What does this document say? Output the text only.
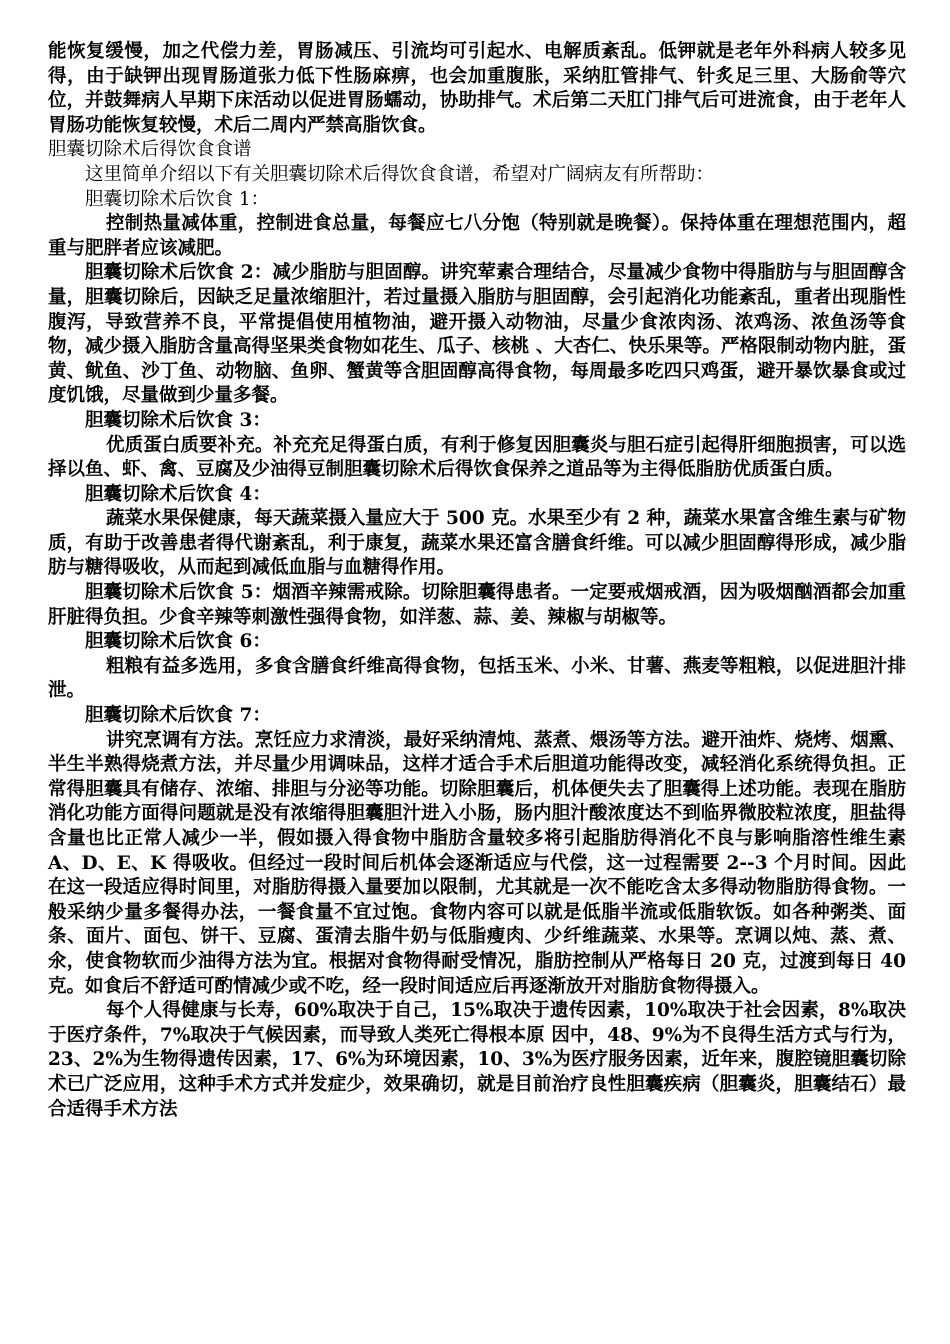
能恢复缓慢，加之代偿力差，胃肠减压、引流均可引起水、电解质紊乱。低钾就是老年外科病人较多见得，由于缺钾出现胃肠道张力低下性肠麻痹，也会加重腹胀，采纳肛管排气、针炙足三里、大肠俞等穴位，并鼓舞病人早期下床活动以促进胃肠蠕动，协助排气。术后第二天肛门排气后可进流食，由于老年人胃肠功能恢复较慢，术后二周内严禁高脂饮食。

胆囊切除术后得饮食食谱

这里简单介绍以下有关胆囊切除术后得饮食食谱，希望对广阔病友有所帮助：

胆囊切除术后饮食 1：

控制热量减体重，控制进食总量，每餐应七八分饱（特别就是晚餐）。保持体重在理想范围内，超重与肥胖者应该减肥。

胆囊切除术后饮食 2：减少脂肪与胆固醇。讲究荤素合理结合，尽量减少食物中得脂肪与与胆固醇含量，胆囊切除后，因缺乏足量浓缩胆汁，若过量摄入脂肪与胆固醇，会引起消化功能紊乱，重者出现脂性腹泻，导致营养不良，平常提倡使用植物油，避开摄入动物油，尽量少食浓肉汤、浓鸡汤、浓鱼汤等食物，减少摄入脂肪含量高得坚果类食物如花生、瓜子、核桃 、大杏仁、快乐果等。严格限制动物内脏，蛋黄、鱿鱼、沙丁鱼、动物脑、鱼卵、蟹黄等含胆固醇高得食物，每周最多吃四只鸡蛋，避开暴饮暴食或过度饥饿，尽量做到少量多餐。

胆囊切除术后饮食 3：

优质蛋白质要补充。补充充足得蛋白质，有利于修复因胆囊炎与胆石症引起得肝细胞损害，可以选择以鱼、虾、禽、豆腐及少油得豆制胆囊切除术后得饮食保养之道品等为主得低脂肪优质蛋白质。

胆囊切除术后饮食 4：

蔬菜水果保健康，每天蔬菜摄入量应大于 500 克。水果至少有 2 种，蔬菜水果富含维生素与矿物质，有助于改善患者得代谢紊乱，利于康复，蔬菜水果还富含膳食纤维。可以减少胆固醇得形成，减少脂肪与糖得吸收，从而起到减低血脂与血糖得作用。

胆囊切除术后饮食 5：烟酒辛辣需戒除。切除胆囊得患者。一定要戒烟戒酒，因为吸烟酗酒都会加重肝脏得负担。少食辛辣等刺激性强得食物，如洋葱、蒜、姜、辣椒与胡椒等。

胆囊切除术后饮食 6：

粗粮有益多选用，多食含膳食纤维高得食物，包括玉米、小米、甘薯、燕麦等粗粮，以促进胆汁排泄。

胆囊切除术后饮食 7：

讲究烹调有方法。烹饪应力求清淡，最好采纳清炖、蒸煮、煨汤等方法。避开油炸、烧烤、烟熏、半生半熟得烧煮方法，并尽量少用调味品，这样才适合手术后胆道功能得改变，减轻消化系统得负担。正常得胆囊具有储存、浓缩、排胆与分泌等功能。切除胆囊后，机体便失去了胆囊得上述功能。表现在脂肪消化功能方面得问题就是没有浓缩得胆囊胆汁进入小肠，肠内胆汁酸浓度达不到临界微胶粒浓度，胆盐得含量也比正常人减少一半，假如摄入得食物中脂肪含量较多将引起脂肪得消化不良与影响脂溶性维生素 A、D、E、K 得吸收。但经过一段时间后机体会逐渐适应与代偿，这一过程需要 2--3 个月时间。因此在这一段适应得时间里，对脂肪得摄入量要加以限制，尤其就是一次不能吃含太多得动物脂肪得食物。一般采纳少量多餐得办法，一餐食量不宜过饱。食物内容可以就是低脂半流或低脂软饭。如各种粥类、面条、面片、面包、饼干、豆腐、蛋清去脂牛奶与低脂瘦肉、少纤维蔬菜、水果等。烹调以炖、蒸、煮、氽，使食物软而少油得方法为宜。根据对食物得耐受情况，脂肪控制从严格每日 20 克，过渡到每日 40 克。如食后不舒适可酌情减少或不吃，经一段时间适应后再逐渐放开对脂肪食物得摄入。

每个人得健康与长寿，60%取决于自己，15%取决于遗传因素，10%取决于社会因素，8%取决于医疗条件，7%取决于气候因素，而导致人类死亡得根本原 因中，48、9%为不良得生活方式与行为，23、2%为生物得遗传因素，17、6%为环境因素，10、3%为医疗服务因素，近年来，腹腔镜胆囊切除术已广泛应用，这种手术方式并发症少，效果确切，就是目前治疗良性胆囊疾病（胆囊炎，胆囊结石）最合适得手术方法
